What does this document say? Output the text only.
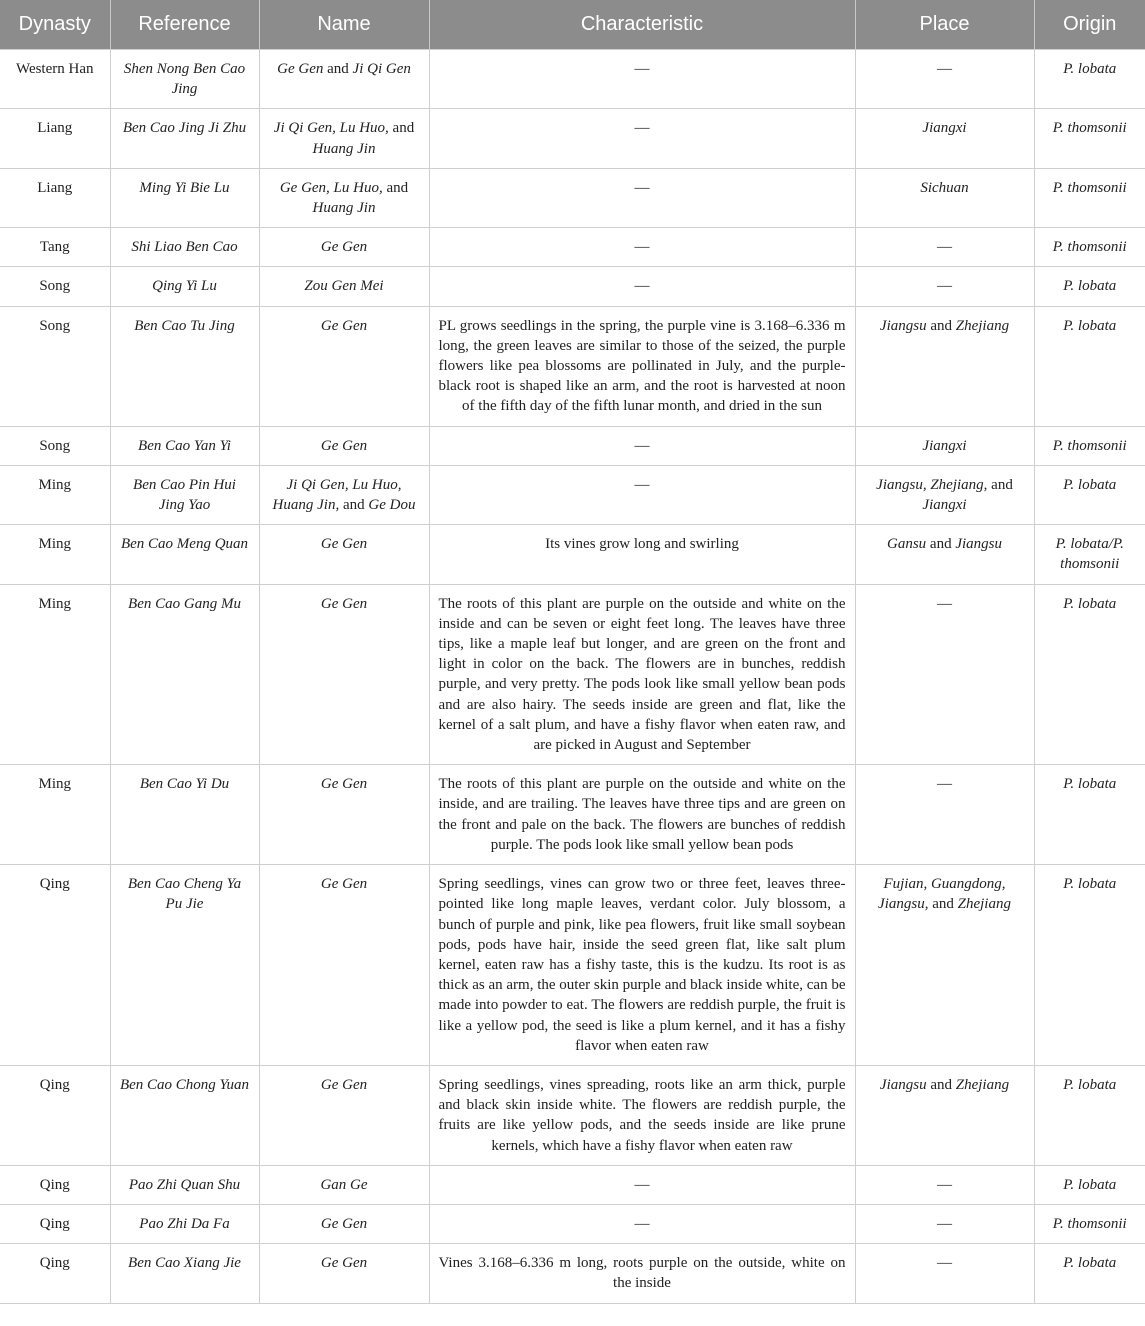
Dynasty	Reference	Name	Characteristic	Place	Origin
Western Han	Shen Nong Ben Cao Jing	Ge Gen and Ji Qi Gen	—	—	P. lobata
Liang	Ben Cao Jing Ji Zhu	Ji Qi Gen, Lu Huo, and Huang Jin	—	Jiangxi	P. thomsonii
Liang	Ming Yi Bie Lu	Ge Gen, Lu Huo, and Huang Jin	—	Sichuan	P. thomsonii
Tang	Shi Liao Ben Cao	Ge Gen	—	—	P. thomsonii
Song	Qing Yi Lu	Zou Gen Mei	—	—	P. lobata
Song	Ben Cao Tu Jing	Ge Gen	PL grows seedlings in the spring, the purple vine is 3.168–6.336 m long, the green leaves are similar to those of the seized, the purple flowers like pea blossoms are pollinated in July, and the purple-black root is shaped like an arm, and the root is harvested at noon of the fifth day of the fifth lunar month, and dried in the sun	Jiangsu and Zhejiang	P. lobata
Song	Ben Cao Yan Yi	Ge Gen	—	Jiangxi	P. thomsonii
Ming	Ben Cao Pin Hui Jing Yao	Ji Qi Gen, Lu Huo, Huang Jin, and Ge Dou	—	Jiangsu, Zhejiang, and Jiangxi	P. lobata
Ming	Ben Cao Meng Quan	Ge Gen	Its vines grow long and swirling	Gansu and Jiangsu	P. lobata/P. thomsonii
Ming	Ben Cao Gang Mu	Ge Gen	The roots of this plant are purple on the outside and white on the inside and can be seven or eight feet long. The leaves have three tips, like a maple leaf but longer, and are green on the front and light in color on the back. The flowers are in bunches, reddish purple, and very pretty. The pods look like small yellow bean pods and are also hairy. The seeds inside are green and flat, like the kernel of a salt plum, and have a fishy flavor when eaten raw, and are picked in August and September	—	P. lobata
Ming	Ben Cao Yi Du	Ge Gen	The roots of this plant are purple on the outside and white on the inside, and are trailing. The leaves have three tips and are green on the front and pale on the back. The flowers are bunches of reddish purple. The pods look like small yellow bean pods	—	P. lobata
Qing	Ben Cao Cheng Ya Pu Jie	Ge Gen	Spring seedlings, vines can grow two or three feet, leaves three-pointed like long maple leaves, verdant color. July blossom, a bunch of purple and pink, like pea flowers, fruit like small soybean pods, pods have hair, inside the seed green flat, like salt plum kernel, eaten raw has a fishy taste, this is the kudzu. Its root is as thick as an arm, the outer skin purple and black inside white, can be made into powder to eat. The flowers are reddish purple, the fruit is like a yellow pod, the seed is like a plum kernel, and it has a fishy flavor when eaten raw	Fujian, Guangdong, Jiangsu, and Zhejiang	P. lobata
Qing	Ben Cao Chong Yuan	Ge Gen	Spring seedlings, vines spreading, roots like an arm thick, purple and black skin inside white. The flowers are reddish purple, the fruits are like yellow pods, and the seeds inside are like prune kernels, which have a fishy flavor when eaten raw	Jiangsu and Zhejiang	P. lobata
Qing	Pao Zhi Quan Shu	Gan Ge	—	—	P. lobata
Qing	Pao Zhi Da Fa	Ge Gen	—	—	P. thomsonii
Qing	Ben Cao Xiang Jie	Ge Gen	Vines 3.168–6.336 m long, roots purple on the outside, white on the inside	—	P. lobata
